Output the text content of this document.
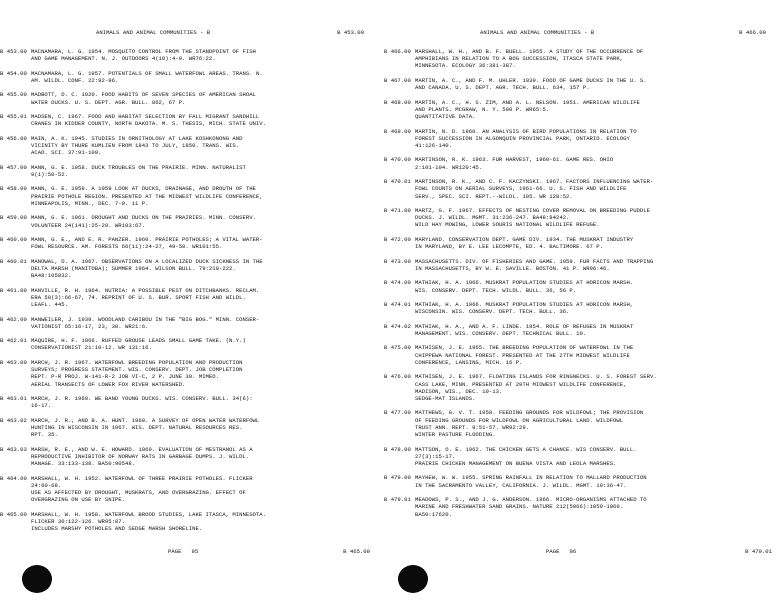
ANIMALS AND ANIMAL COMMUNITIES - B

	B 453.00

B 453.00 MACNAMARA, L. G. 1954. MOSQUITO CONTROL FROM THE STANDPOINT OF FISH
AND GAME MANAGEMENT. N. J. OUTDOORS 4(10):4-9. WR76:22.
B 454.00 MACNAMARA, L. G. 1957. POTENTIALS OF SMALL WATERFOWL AREAS. TRANS. N.
AM. WILDL. CONF. 22:92-96.
B 455.00 MADBOTT, D. C. 1920. FOOD HABITS OF SEVEN SPECIES OF AMERICAN SHOAL
WATER DUCKS. U. S. DEPT. AGR. BULL. 862, 67 P.
B 455.01 MADSEN, C. 1967. FOOD AND HABITAT SELECTION BY FALL MIGRANT SANDHILL
CRANES IN KIDDER COUNTY, NORTH DAKOTA. M. S. THESIS, MICH. STATE UNIV.
B 456.00 MAIN, A. K. 1945. STUDIES IN ORNITHOLOGY AT LAKE KOSHKONONG AND
VICINITY BY THURE KUMLIEN FROM 1843 TO JULY, 1850. TRANS. WIS.
ACAD. SCI. 37:91-109.
B 457.00 MANN, G. E. 1958. DUCK TROUBLES ON THE PRAIRIE. MINN. NATURALIST
9(1):50-52.
B 458.00 MANN, G. E. 1959. A 1959 LOOK AT DUCKS, DRAINAGE, AND DROUTH OF THE
PRAIRIE POTHOLE REGION. PRESENTED AT THE MIDWEST WILDLIFE CONFERENCE,
MINNEAPOLIS, MINN., DEC. 7-9. 11 P.
B 459.00 MANN, G. E. 1961. DROUGHT AND DUCKS ON THE PRAIRIES. MINN. CONSERV.
VOLUNTEER 24(141):25-29. WR103:67.
B 460.00 MANN, G. E., AND E. R. PANZER. 1960. PRAIRIE POTHOLES; A VITAL WATER-
FOWL RESOURCE. AM. FORESTS 66(11):24-27, 49-50. WR101:55.
B 460.01 MANOWAL, D. A. 1967. OBSERVATIONS ON A LOCALIZED DUCK SICKNESS IN THE
DELTA MARSH (MANITOBA); SUMMER 1964. WILSON BULL. 79:219-222.
BA48:105032.
B 461.00 MANVILLE, R. H. 1964. NUTRIA: A POSSIBLE PEST ON DITCHBANKS. RECLAM.
ERA 50(3):66-67, 74. REPRINT OF U. S. BUR. SPORT FISH AND WILDL.
LEAFL. 445.
B 462.00 MANWEILER, J. 1939. WOODLAND CARIBOU IN THE "BIG BOG." MINN. CONSER-
VATIONIST 65:16-17, 23, 30. WR21:6.
B 462.01 MAQUIRE, H. F. 1966. RUFFED GROUSE LEADS SMALL GAME TAKE. (N.Y.)
CONSERVATIONIST 21:10-12. WR 131:16.
B 463.00 MARCH, J. R. 1967. WATERFOWL BREEDING POPULATION AND PRODUCTION
SURVEYS; PROGRESS STATEMENT. WIS. CONSERV. DEPT. JOB COMPLETION
REPT. P-R PROJ. W-141-R-2 JOB VI-C, 2 P. JUNE 30. MIMEO.
AERIAL TRANSECTS OF LOWER FOX RIVER WATERSHED.
B 463.01 MARCH, J. R. 1969. WE BAND YOUNG DUCKS. WIS. CONSERV. BULL. 34(6):
16-17.
B 463.02 MARCH, J. R., AND B. A. HUNT. 1968. A SURVEY OF OPEN WATER WATERFOWL
HUNTING IN WISCONSIN IN 1967. WIS. DEPT. NATURAL RESOURCES RES.
RPT. 35.
B 463.03 MARSH, R. E., AND W. E. HOWARD. 1969. EVALUATION OF MESTRANOL AS A
REPRODUCTIVE INHIBITOR OF NORWAY RATS IN GARBAGE DUMPS. J. WILDL.
MANAGE. 33:133-138. BA50:90548.
B 464.00 MARSHALL, W. H. 1952. WATERFOWL OF THREE PRAIRIE POTHOLES. FLICKER
24:60-68.
USE AS AFFECTED BY DROUGHT, MUSKRATS, AND OVERGRAZING. EFFECT OF
OVERGRAZING ON USE BY SNIPE.
B 465.00 MARSHALL, W. H. 1958. WATERFOWL BROOD STUDIES, LAKE ITASCA, MINNESOTA.
FLICKER 30:122-126. WR95:87.
INCLUDES MARSHY POTHOLES AND SEDGE MARSH SHORELINE.

PAGE   95

	B 465.00

ANIMALS AND ANIMAL COMMUNITIES - B

	B 466.00

B 466.00 MARSHALL, W. H., AND B. F. BUELL. 1955. A STUDY OF THE OCCURRENCE OF
AMPHIBIANS IN RELATION TO A BOG SUCCESSION, ITASCA STATE PARK,
MINNESOTA. ECOLOGY 36:381-387.
B 467.00 MARTIN, A. C., AND F. M. UHLER. 1939. FOOD OF GAME DUCKS IN THE U. S.
AND CANADA. U. S. DEPT. AGR. TECH. BULL. 634, 157 P.
B 468.00 MARTIN, A. C., H. S. ZIM, AND A. L. NELSON. 1951. AMERICAN WILDLIFE
AND PLANTS. MCGRAW, N. Y. 500 P. WR65:5.
QUANTITATIVE DATA.
B 469.00 MARTIN, N. D. 1960. AN ANALYSIS OF BIRD POPULATIONS IN RELATION TO
FOREST SUCCESSION IN ALGONQUIN PROVINCIAL PARK, ONTARIO. ECOLOGY
41:126-140.
B 470.00 MARTINSON, R. K. 1963. FUR HARVEST, 1960-61. GAME RES. OHIO
2:101-104. WR120:45.
B 470.01 MARTINSON, R. K., AND C. F. KACZYNSKI. 1967. FACTORS INFLUENCING WATER-
FOWL COUNTS ON AERIAL SURVEYS, 1961-66. U. S. FISH AND WILDLIFE
SERV., SPEC. SCI. REPT.--WILDL. 105. WR 128:52.
B 471.00 MARTZ, G. F. 1967. EFFECTS OF NESTING COVER REMOVAL ON BREEDING PUDDLE
DUCKS. J. WILDL. MGMT. 31:236-247. BA48:84242.
WILD HAY MOWING, LOWER SOURIS NATIONAL WILDLIFE REFUGE.
B 472.00 MARYLAND. CONSERVATION DEPT. GAME DIV. 1934. THE MUSKRAT INDUSTRY
IN MARYLAND, BY E. LEE LECOMPTE, ED. 4. BALTIMORE. 67 P.
B 473.00 MASSACHUSETTS. DIV. OF FISHERIES AND GAME. 1959. FUR FACTS AND TRAPPING
IN MASSACHUSETTS, BY W. E. SAVILLE. BOSTON. 41 P. WR96:46.
B 474.00 MATHIAK, H. A. 1966. MUSKRAT POPULATION STUDIES AT HORICON MARSH.
WIS. CONSERV. DEPT. TECH. WILDL. BULL. 36, 56 P.
B 474.01 MATHIAK, H. A. 1966. MUSKRAT POPULATION STUDIES AT HORICON MARSH,
WISCONSIN. WIS. CONSERV. DEPT. TECH. BULL. 36.
B 474.02 MATHIAK, H. A., AND A. F. LINDE. 1954. ROLE OF REFUGES IN MUSKRAT
MANAGEMENT. WIS. CONSERV. DEPT. TECHNICAL BULL. 10.
B 475.00 MATHISEN, J. E. 1965. THE BREEDING POPULATION OF WATERFOWL IN THE
CHIPPEWA NATIONAL FOREST. PRESENTED AT THE 27TH MIDWEST WILDLIFE
CONFERENCE, LANSING, MICH. 16 P.
B 476.00 MATHISEN, J. E. 1967. FLOATING ISLANDS FOR RINGNECKS. U. S. FOREST SERV.
CASS LAKE, MINN. PRESENTED AT 29TH MIDWEST WILDLIFE CONFERENCE,
MADISON, WIS., DEC. 10-13.
SEDGE-MAT ISLANDS.
B 477.00 MATTHEWS, G. V. T. 1958. FEEDING GROUNDS FOR WILDFOWL; THE PROVISION
OF FEEDING GROUNDS FOR WILDFOWL ON AGRICULTURAL LAND. WILDFOWL
TRUST ANN. REPT. 9:51-57. WR92:29.
WINTER PASTURE FLOODING.
B 478.00 MATTSON, O. E. 1962. THE CHICKEN GETS A CHANCE. WIS CONSERV. BULL.
27(3):15-17.
PRAIRIE CHICKEN MANAGEMENT ON BUENA VISTA AND LEOLA MARSHES.
B 479.00 MAYHEW, W. W. 1955. SPRING RAINFALL IN RELATION TO MALLARD PRODUCTION
IN THE SACRAMENTO VALLEY, CALIFORNIA. J. WILDL. MGMT. 19:36-47.
B 479.01 MEADOWS, P. S., AND J. G. ANDERSON. 1966. MICRO-ORGANISMS ATTACHED TO
MARINE AND FRESHWATER SAND GRAINS. NATURE 212(5066):1059-1060.
BA50:17620.

PAGE   96

	B 479.01
